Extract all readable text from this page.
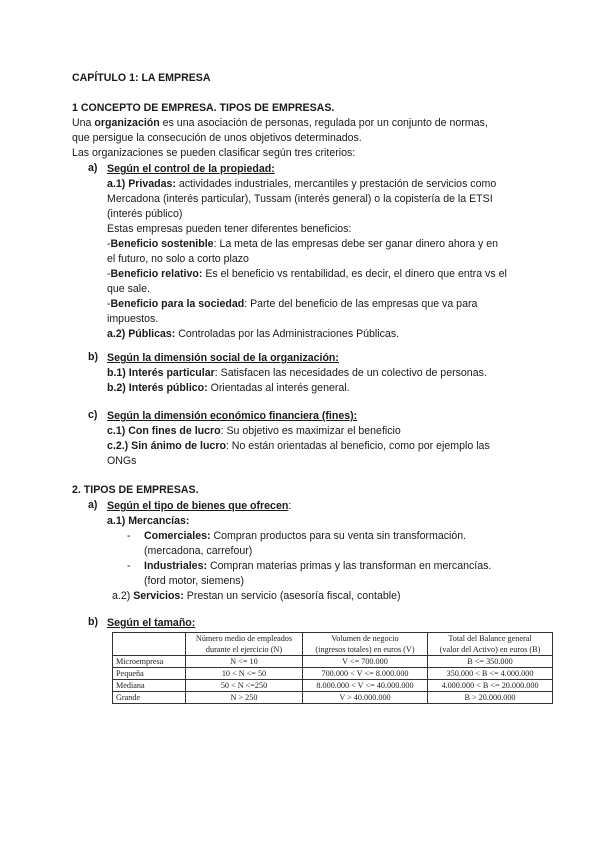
CAPÍTULO 1: LA EMPRESA
1 CONCEPTO DE EMPRESA. TIPOS DE EMPRESAS.
Una organización es una asociación de personas, regulada por un conjunto de normas,
que persigue la consecución de unos objetivos determinados.
Las organizaciones se pueden clasificar según tres criterios:
a) Según el control de la propiedad:
a.1) Privadas: actividades industriales, mercantiles y prestación de servicios como
Mercadona (interés particular), Tussam (interés general) o la copistería de la ETSI
(interés público)
Estas empresas pueden tener diferentes beneficios:
-Beneficio sostenible: La meta de las empresas debe ser ganar dinero ahora y en
el futuro, no solo a corto plazo
-Beneficio relativo: Es el beneficio vs rentabilidad, es decir, el dinero que entra vs el
que sale.
-Beneficio para la sociedad: Parte del beneficio de las empresas que va para
impuestos.
a.2) Públicas: Controladas por las Administraciones Públicas.
b) Según la dimensión social de la organización:
b.1) Interés particular: Satisfacen las necesidades de un colectivo de personas.
b.2) Interés público: Orientadas al interés general.
c) Según la dimensión económico financiera (fines):
c.1) Con fines de lucro: Su objetivo es maximizar el beneficio
c.2.) Sin ánimo de lucro: No están orientadas al beneficio, como por ejemplo las
ONGs
2. TIPOS DE EMPRESAS.
a) Según el tipo de bienes que ofrecen:
a.1) Mercancías:
- Comerciales: Compran productos para su venta sin transformación.
(mercadona, carrefour)
- Industriales: Compran materias primas y las transforman en mercancías.
(ford motor, siemens)
a.2) Servicios: Prestan un servicio (asesoría fiscal, contable)
b) Según el tamaño:
	Número medio de empleados
durante el ejercicio (N)	Volumen de negocio
(ingresos totales) en euros (V)	Total del Balance general
(valor del Activo) en euros (B)
Microempresa	N <= 10	V <= 700.000	B <= 350.000
Pequeña	10 < N <= 50	700.000 < V <= 8.000.000	350.000 < B <= 4.000.000
Mediana	50 < N <=250	8.000.000 < V <= 40.000.000	4.000.000 < B <= 20.000.000
Grande	N > 250	V > 40.000.000	B > 20.000.000
